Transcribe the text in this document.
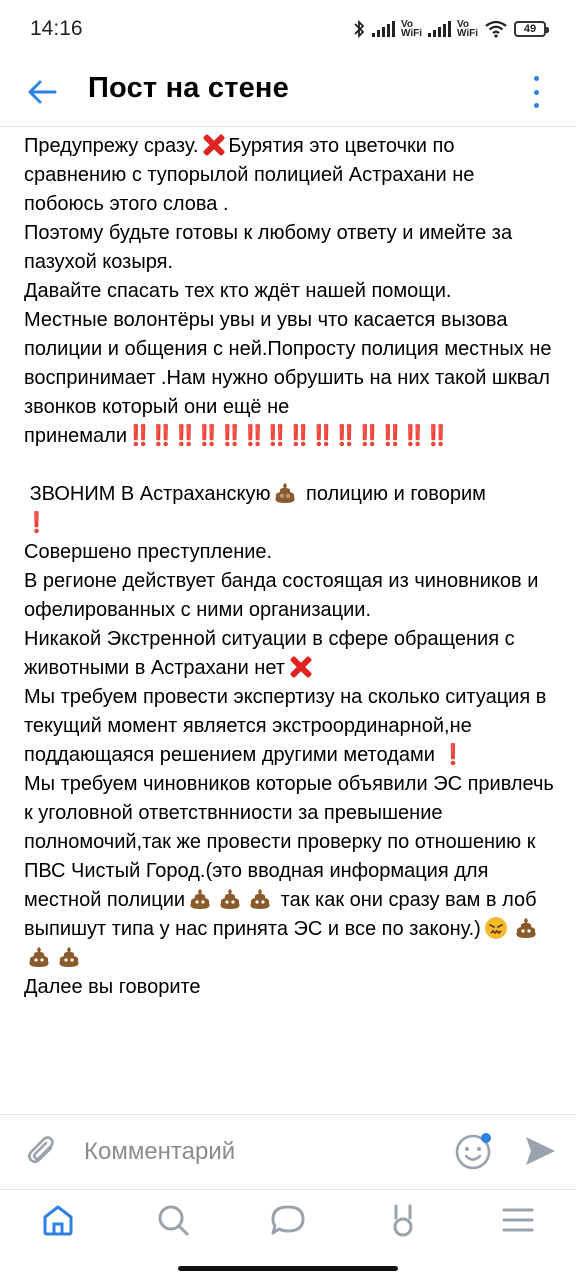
14:16	Vo
WiFi
Vo
WiFi	49
Пост на стене

Предупрежу сразу. Бурятия это цветочки по сравнению с тупорылой полицией Астрахани не побоюсь этого слова .

Поэтому будьте готовы к любому ответу и имейте за пазухой козыря.

Давайте спасать тех кто ждёт нашей помощи.

Местные волонтёры увы и увы что касается вызова полиции и общения с ней.Попросту полиция местных не воспринимает .Нам нужно обрушить на них такой шквал звонков который они ещё не принемали‼️‼️‼️‼️‼️‼️‼️‼️‼️‼️‼️‼️‼️‼️

ЗВОНИМ В Астраханскую полицию и говорим
❗

Совершено преступление.

В регионе действует банда состоящая из чиновников и офелированных с ними организации.

Никакой Экстренной ситуации в сфере обращения с животными в Астрахани нет

Мы требуем провести экспертизу на сколько ситуация в текущий момент является экстроординарной,не поддающаяся решением другими методами ❗

Мы требуем чиновников которые объявили ЭС привлечь к уголовной ответствнниости за превышение полномочий,так же провести проверку по отношению к ПВС Чистый Город.(это вводная информация для местной полиции	так как они сразу вам в лоб выпишут типа у нас принята ЭС и все по закону.)

Далее вы говорите

Комментарий
